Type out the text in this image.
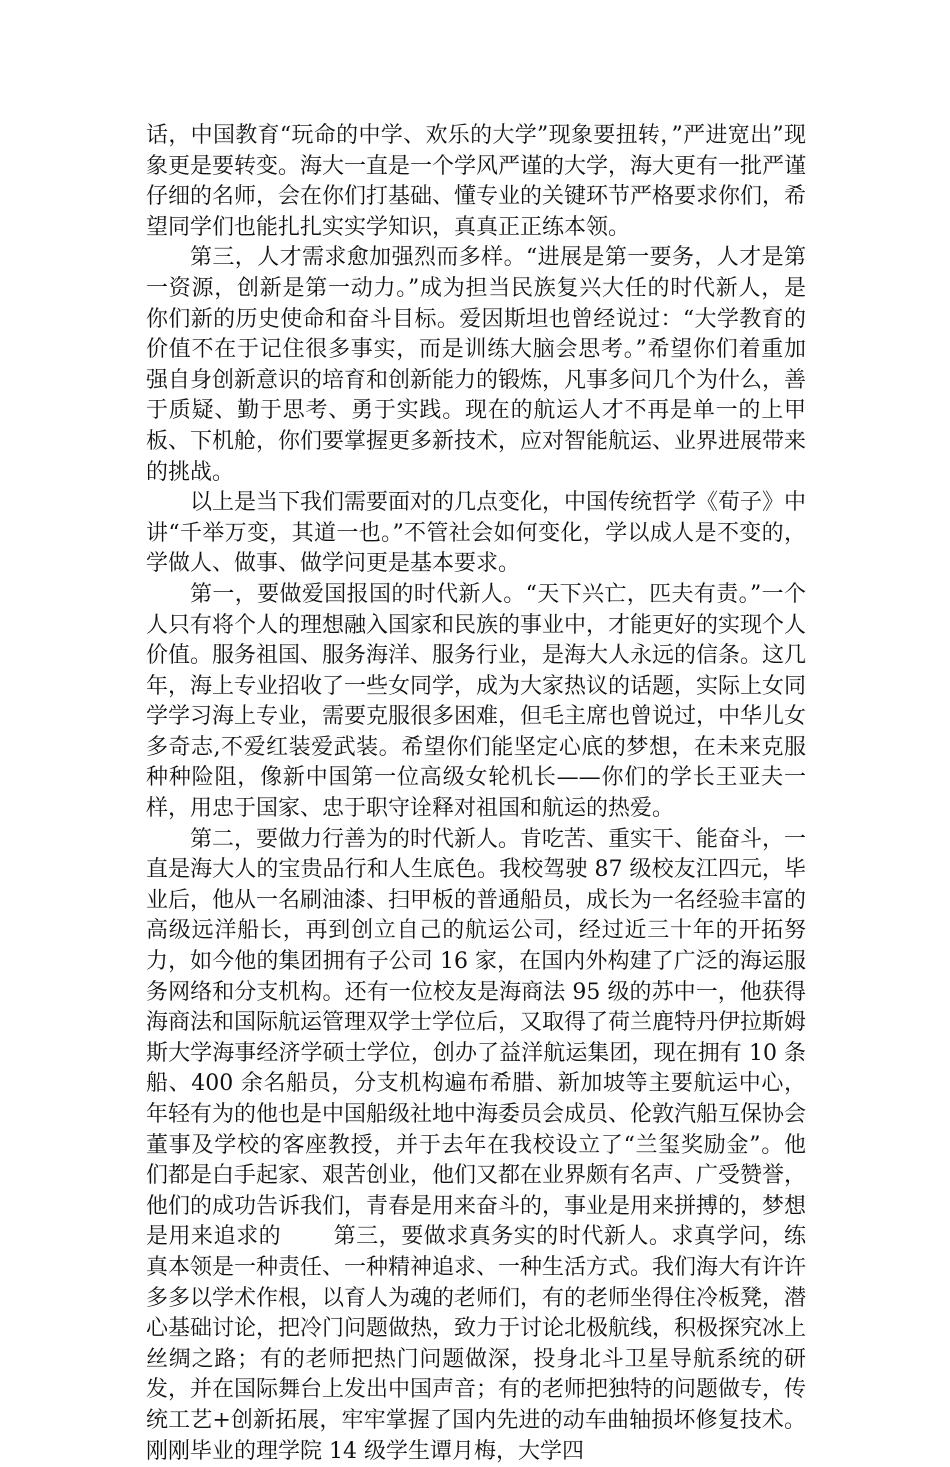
话，中国教育“玩命的中学、欢乐的大学”现象要扭转，”严进宽出”现象更是要转变。海大一直是一个学风严谨的大学，海大更有一批严谨仔细的名师，会在你们打基础、懂专业的关键环节严格要求你们，希望同学们也能扎扎实实学知识，真真正正练本领。

第三，人才需求愈加强烈而多样。“进展是第一要务，人才是第一资源，创新是第一动力。”成为担当民族复兴大任的时代新人，是你们新的历史使命和奋斗目标。爱因斯坦也曾经说过：“大学教育的价值不在于记住很多事实，而是训练大脑会思考。”希望你们着重加强自身创新意识的培育和创新能力的锻炼，凡事多问几个为什么，善于质疑、勤于思考、勇于实践。现在的航运人才不再是单一的上甲板、下机舱，你们要掌握更多新技术，应对智能航运、业界进展带来的挑战。

以上是当下我们需要面对的几点变化，中国传统哲学《荀子》中讲“千举万变，其道一也。”不管社会如何变化，学以成人是不变的，学做人、做事、做学问更是基本要求。

第一，要做爱国报国的时代新人。“天下兴亡，匹夫有责。”一个人只有将个人的理想融入国家和民族的事业中，才能更好的实现个人价值。服务祖国、服务海洋、服务行业，是海大人永远的信条。这几年，海上专业招收了一些女同学，成为大家热议的话题，实际上女同学学习海上专业，需要克服很多困难，但毛主席也曾说过，中华儿女多奇志,不爱红装爱武装。希望你们能坚定心底的梦想，在未来克服种种险阻，像新中国第一位高级女轮机长——你们的学长王亚夫一样，用忠于国家、忠于职守诠释对祖国和航运的热爱。

第二，要做力行善为的时代新人。肯吃苦、重实干、能奋斗，一直是海大人的宝贵品行和人生底色。我校驾驶 87 级校友江四元，毕业后，他从一名刷油漆、扫甲板的普通船员，成长为一名经验丰富的高级远洋船长，再到创立自己的航运公司，经过近三十年的开拓努力，如今他的集团拥有子公司 16 家，在国内外构建了广泛的海运服务网络和分支机构。还有一位校友是海商法 95 级的苏中一，他获得海商法和国际航运管理双学士学位后，又取得了荷兰鹿特丹伊拉斯姆斯大学海事经济学硕士学位，创办了益洋航运集团，现在拥有 10 条船、400 余名船员，分支机构遍布希腊、新加坡等主要航运中心，年轻有为的他也是中国船级社地中海委员会成员、伦敦汽船互保协会董事及学校的客座教授，并于去年在我校设立了“兰玺奖励金”。他们都是白手起家、艰苦创业，他们又都在业界颇有名声、广受赞誉，他们的成功告诉我们，青春是用来奋斗的，事业是用来拼搏的，梦想是用来追求的　　 第三，要做求真务实的时代新人。求真学问，练真本领是一种责任、一种精神追求、一种生活方式。我们海大有许许多多以学术作根，以育人为魂的老师们，有的老师坐得住冷板凳，潜心基础讨论，把冷门问题做热，致力于讨论北极航线，积极探究冰上丝绸之路；有的老师把热门问题做深，投身北斗卫星导航系统的研发，并在国际舞台上发出中国声音；有的老师把独特的问题做专，传统工艺+创新拓展，牢牢掌握了国内先进的动车曲轴损坏修复技术。刚刚毕业的理学院 14 级学生谭月梅，大学四
